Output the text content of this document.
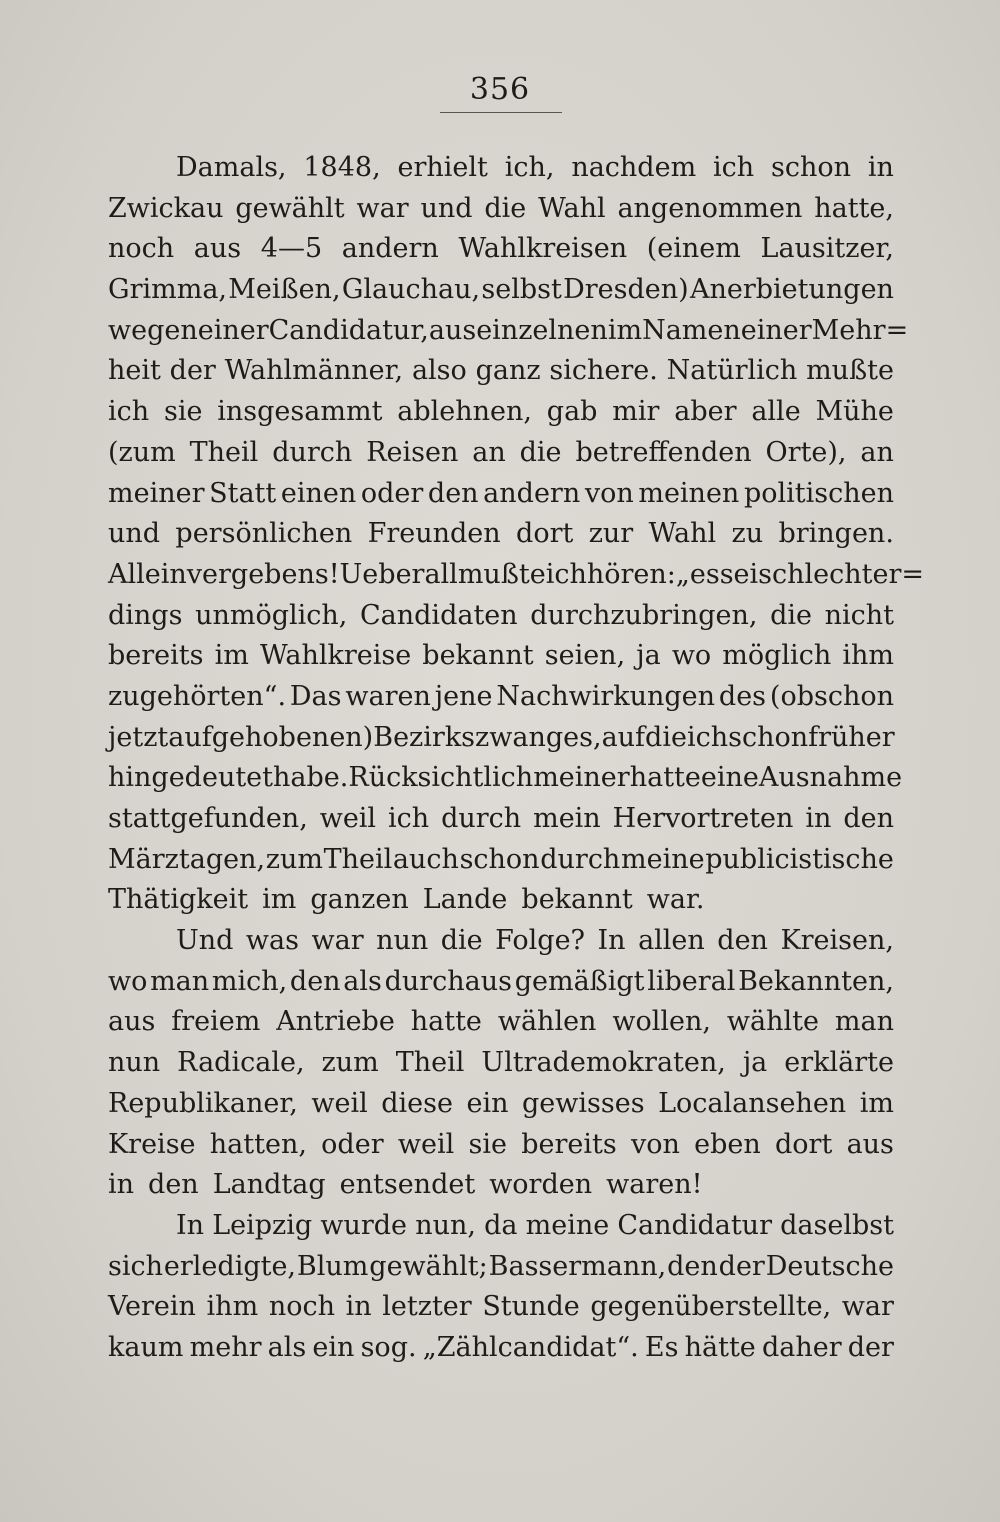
356
Damals, 1848, erhielt ich, nachdem ich schon in
Zwickau gewählt war und die Wahl angenommen hatte,
noch aus 4—5 andern Wahlkreisen (einem Lausitzer,
Grimma, Meißen, Glauchau, selbst Dresden) Anerbietungen
wegen einer Candidatur, aus einzelnen im Namen einer Mehr=
heit der Wahlmänner, also ganz sichere. Natürlich mußte
ich sie insgesammt ablehnen, gab mir aber alle Mühe
(zum Theil durch Reisen an die betreffenden Orte), an
meiner Statt einen oder den andern von meinen politischen
und persönlichen Freunden dort zur Wahl zu bringen.
Allein vergebens! Ueberall mußte ich hören: „es sei schlechter=
dings unmöglich, Candidaten durchzubringen, die nicht
bereits im Wahlkreise bekannt seien, ja wo möglich ihm
zugehörten“. Das waren jene Nachwirkungen des (obschon
jetzt aufgehobenen) Bezirkszwanges, auf die ich schon früher
hingedeutet habe. Rücksichtlich meiner hatte eine Ausnahme
stattgefunden, weil ich durch mein Hervortreten in den
Märztagen, zum Theil auch schon durch meine publicistische
Thätigkeit im ganzen Lande bekannt war.
Und was war nun die Folge? In allen den Kreisen,
wo man mich, den als durchaus gemäßigt liberal Bekannten,
aus freiem Antriebe hatte wählen wollen, wählte man
nun Radicale, zum Theil Ultrademokraten, ja erklärte
Republikaner, weil diese ein gewisses Localansehen im
Kreise hatten, oder weil sie bereits von eben dort aus
in den Landtag entsendet worden waren!
In Leipzig wurde nun, da meine Candidatur daselbst
sich erledigte, Blum gewählt; Bassermann, den der Deutsche
Verein ihm noch in letzter Stunde gegenüberstellte, war
kaum mehr als ein sog. „Zählcandidat“. Es hätte daher der
